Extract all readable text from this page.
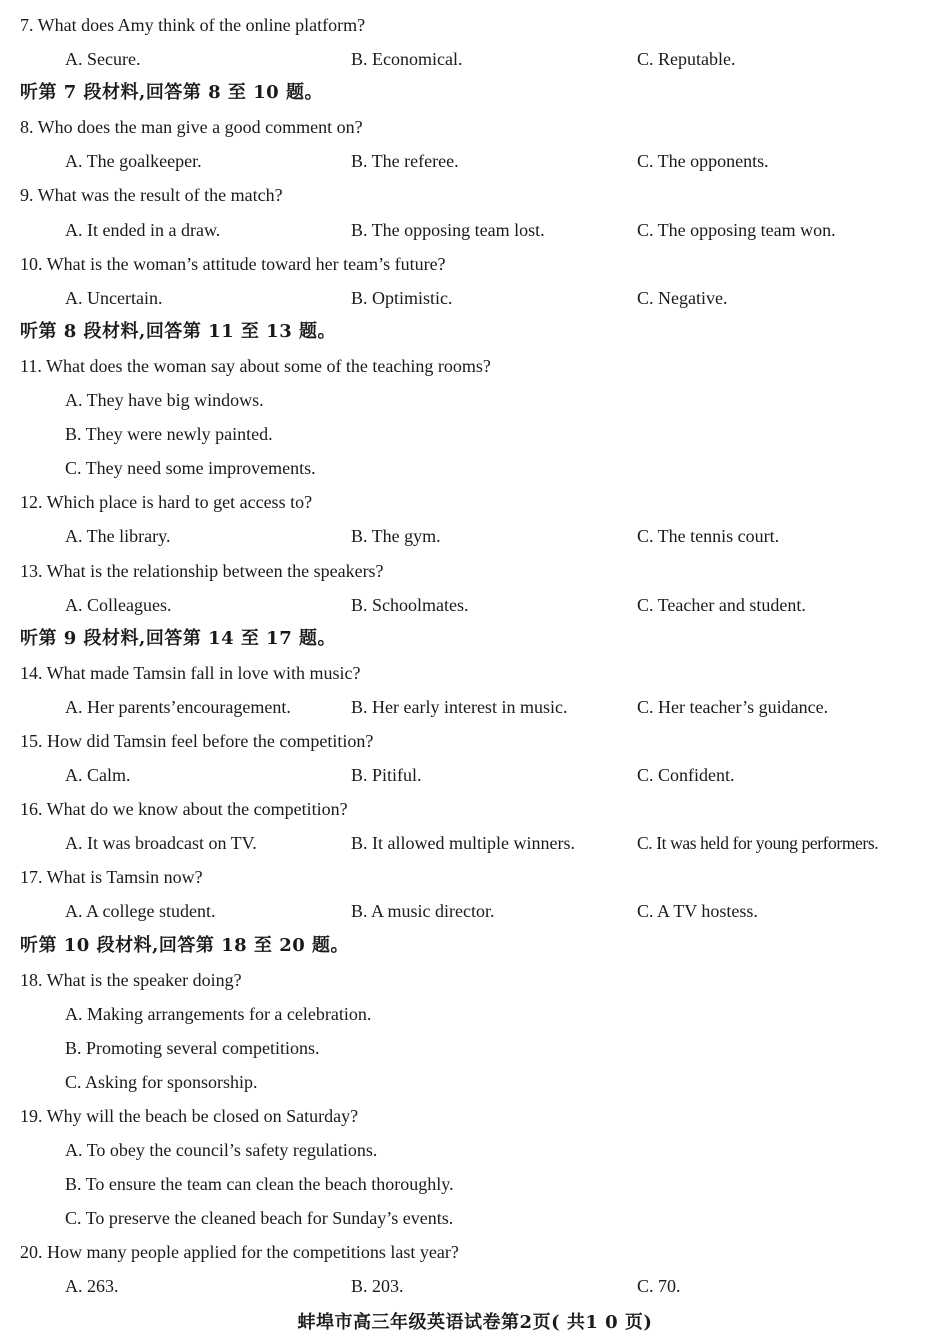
7. What does Amy think of the online platform?
A. Secure.	B. Economical.	C. Reputable.
听第 7 段材料,回答第 8 至 10 题。
8. Who does the man give a good comment on?
A. The goalkeeper.	B. The referee.	C. The opponents.
9. What was the result of the match?
A. It ended in a draw.	B. The opposing team lost.	C. The opposing team won.
10. What is the woman’s attitude toward her team’s future?
A. Uncertain.	B. Optimistic.	C. Negative.
听第 8 段材料,回答第 11 至 13 题。
11. What does the woman say about some of the teaching rooms?
A. They have big windows.
B. They were newly painted.
C. They need some improvements.
12. Which place is hard to get access to?
A. The library.	B. The gym.	C. The tennis court.
13. What is the relationship between the speakers?
A. Colleagues.	B. Schoolmates.	C. Teacher and student.
听第 9 段材料,回答第 14 至 17 题。
14. What made Tamsin fall in love with music?
A. Her parents’encouragement.	B. Her early interest in music.	C. Her teacher’s guidance.
15. How did Tamsin feel before the competition?
A. Calm.	B. Pitiful.	C. Confident.
16. What do we know about the competition?
A. It was broadcast on TV.	B. It allowed multiple winners.	C. It was held for young performers.
17. What is Tamsin now?
A. A college student.	B. A music director.	C. A TV hostess.
听第 10 段材料,回答第 18 至 20 题。
18. What is the speaker doing?
A. Making arrangements for a celebration.
B. Promoting several competitions.
C. Asking for sponsorship.
19. Why will the beach be closed on Saturday?
A. To obey the council’s safety regulations.
B. To ensure the team can clean the beach thoroughly.
C. To preserve the cleaned beach for Sunday’s events.
20. How many people applied for the competitions last year?
A. 263.	B. 203.	C. 70.
蚌埠市高三年级英语试卷第2页( 共1 0 页)
